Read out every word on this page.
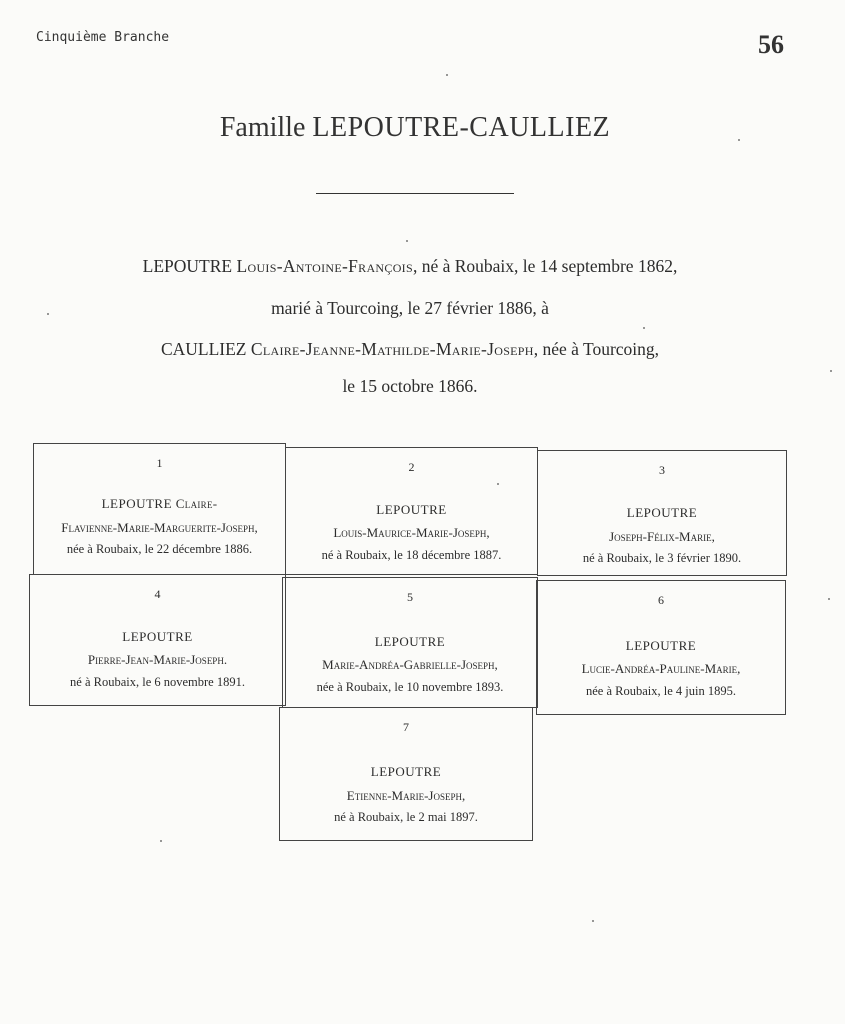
Cinquième Branche	56
Famille LEPOUTRE-CAULLIEZ
LEPOUTRE Louis-Antoine-François, né à Roubaix, le 14 septembre 1862,
marié à Tourcoing, le 27 février 1886, à
CAULLIEZ Claire-Jeanne-Mathilde-Marie-Joseph, née à Tourcoing,
le 15 octobre 1866.
1
LEPOUTRE Claire-
Flavienne-Marie-Marguerite-Joseph,
née à Roubaix, le 22 décembre 1886.
2
LEPOUTRE
Louis-Maurice-Marie-Joseph,
né à Roubaix, le 18 décembre 1887.
3
LEPOUTRE
Joseph-Félix-Marie,
né à Roubaix, le 3 février 1890.
4
LEPOUTRE
Pierre-Jean-Marie-Joseph.
né à Roubaix, le 6 novembre 1891.
5
LEPOUTRE
Marie-Andréa-Gabrielle-Joseph,
née à Roubaix, le 10 novembre 1893.
6
LEPOUTRE
Lucie-Andréa-Pauline-Marie,
née à Roubaix, le 4 juin 1895.
7
LEPOUTRE
Etienne-Marie-Joseph,
né à Roubaix, le 2 mai 1897.
